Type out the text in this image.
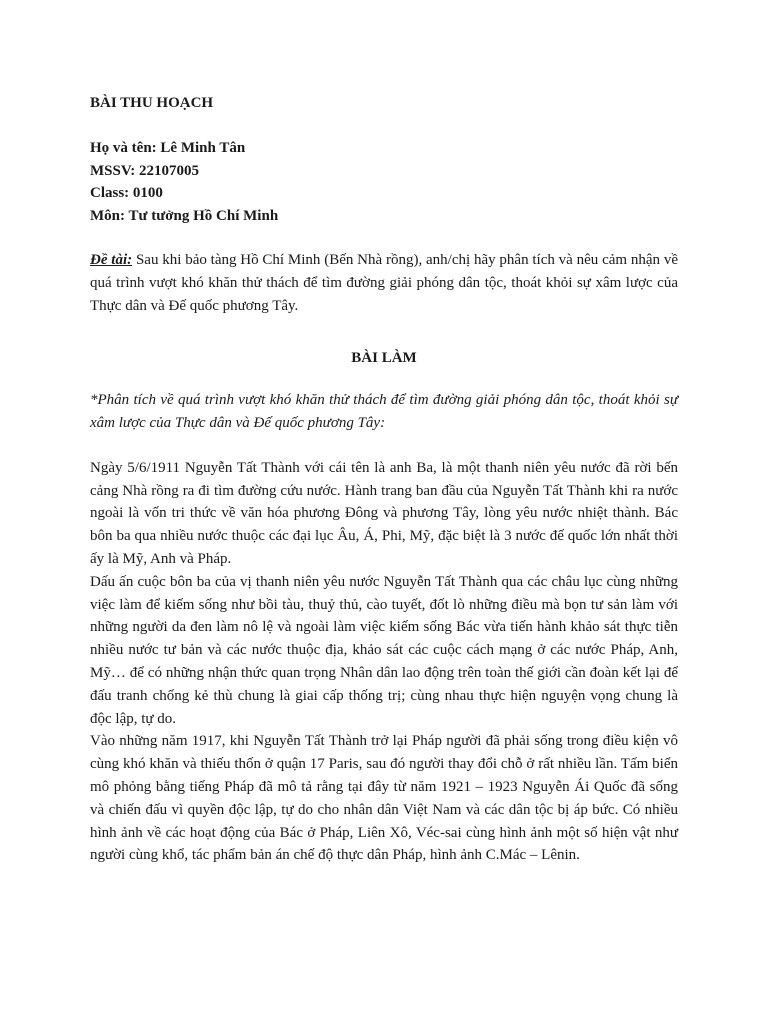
BÀI THU HOẠCH
Họ và tên: Lê Minh Tân
MSSV: 22107005
Class: 0100
Môn: Tư tưởng Hồ Chí Minh
Đề tài: Sau khi bảo tàng Hồ Chí Minh (Bến Nhà rồng), anh/chị hãy phân tích và nêu cảm nhận về quá trình vượt khó khăn thử thách để tìm đường giải phóng dân tộc, thoát khỏi sự xâm lược của Thực dân và Đế quốc phương Tây.
BÀI LÀM
*Phân tích về quá trình vượt khó khăn thử thách để tìm đường giải phóng dân tộc, thoát khỏi sự xâm lược của Thực dân và Đế quốc phương Tây:

Ngày 5/6/1911 Nguyễn Tất Thành với cái tên là anh Ba, là một thanh niên yêu nước đã rời bến cảng Nhà rồng ra đi tìm đường cứu nước. Hành trang ban đầu của Nguyễn Tất Thành khi ra nước ngoài là vốn tri thức về văn hóa phương Đông và phương Tây, lòng yêu nước nhiệt thành. Bác bôn ba qua nhiều nước thuộc các đại lục Âu, Á, Phi, Mỹ, đặc biệt là 3 nước đế quốc lớn nhất thời ấy là Mỹ, Anh và Pháp.

Dấu ấn cuộc bôn ba của vị thanh niên yêu nước Nguyễn Tất Thành qua các châu lục cùng những việc làm để kiếm sống như bồi tàu, thuỷ thủ, cào tuyết, đốt lò những điều mà bọn tư sản làm với những người da đen làm nô lệ và ngoài làm việc kiếm sống Bác vừa tiến hành khảo sát thực tiễn nhiều nước tư bản và các nước thuộc địa, khảo sát các cuộc cách mạng ở các nước Pháp, Anh, Mỹ… để có những nhận thức quan trọng Nhân dân lao động trên toàn thế giới cần đoàn kết lại để đấu tranh chống kẻ thù chung là giai cấp thống trị; cùng nhau thực hiện nguyện vọng chung là độc lập, tự do.

Vào những năm 1917, khi Nguyễn Tất Thành trở lại Pháp người đã phải sống trong điều kiện vô cùng khó khăn và thiếu thốn ở quận 17 Paris, sau đó người thay đổi chỗ ở rất nhiều lần. Tấm biển mô phỏng bằng tiếng Pháp đã mô tả rằng tại đây từ năm 1921 – 1923 Nguyễn Ái Quốc đã sống và chiến đấu vì quyền độc lập, tự do cho nhân dân Việt Nam và các dân tộc bị áp bức. Có nhiều hình ảnh về các hoạt động của Bác ở Pháp, Liên Xô, Véc-sai cùng hình ảnh một số hiện vật như người cùng khổ, tác phẩm bản án chế độ thực dân Pháp, hình ảnh C.Mác – Lênin.
